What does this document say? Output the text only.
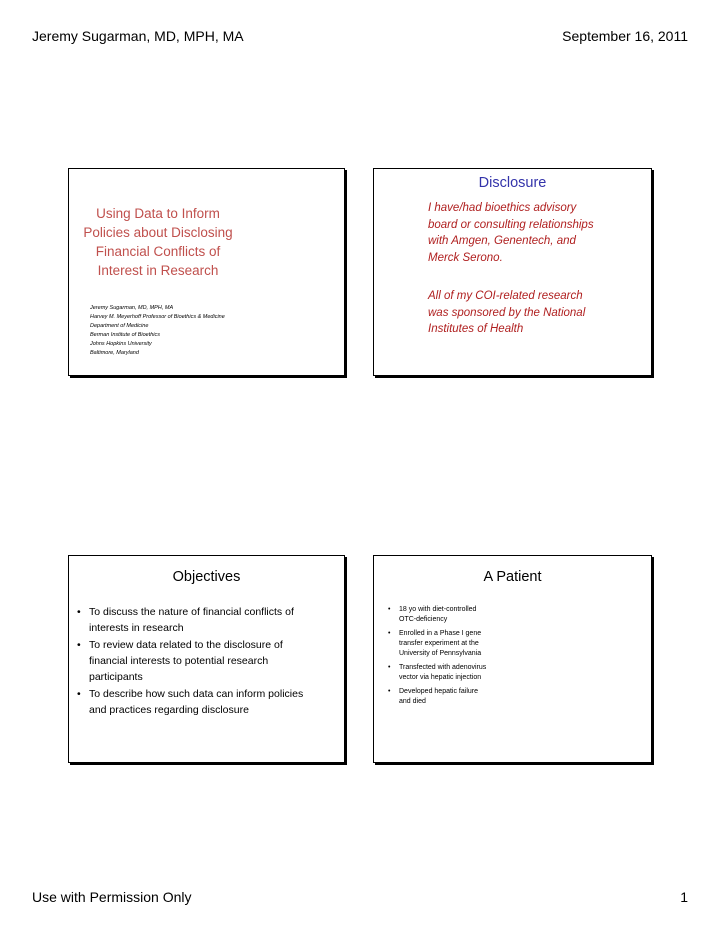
Jeremy Sugarman, MD, MPH, MA	September 16, 2011
Using Data to Inform
Policies about Disclosing
Financial Conflicts of
Interest in Research
Jeremy Sugarman, MD, MPH, MA
Harvey M. Meyerhoff Professor of Bioethics & Medicine
Department of Medicine
Berman Institute of Bioethics
Johns Hopkins University
Baltimore, Maryland
Disclosure
I have/had bioethics advisory
board or consulting relationships
with Amgen, Genentech, and
Merck Serono.
All of my COI-related research
was sponsored by the National
Institutes of Health
Objectives
• To discuss the nature of financial conflicts of
interests in research
• To review data related to the disclosure of
financial interests to potential research
participants
• To describe how such data can inform policies
and practices regarding disclosure
A Patient
• 18 yo with diet-controlled
OTC-deficiency
• Enrolled in a Phase I gene
transfer experiment at the
University of Pennsylvania
• Transfected with adenovirus
vector via hepatic injection
• Developed hepatic failure
and died
Use with Permission Only	1
